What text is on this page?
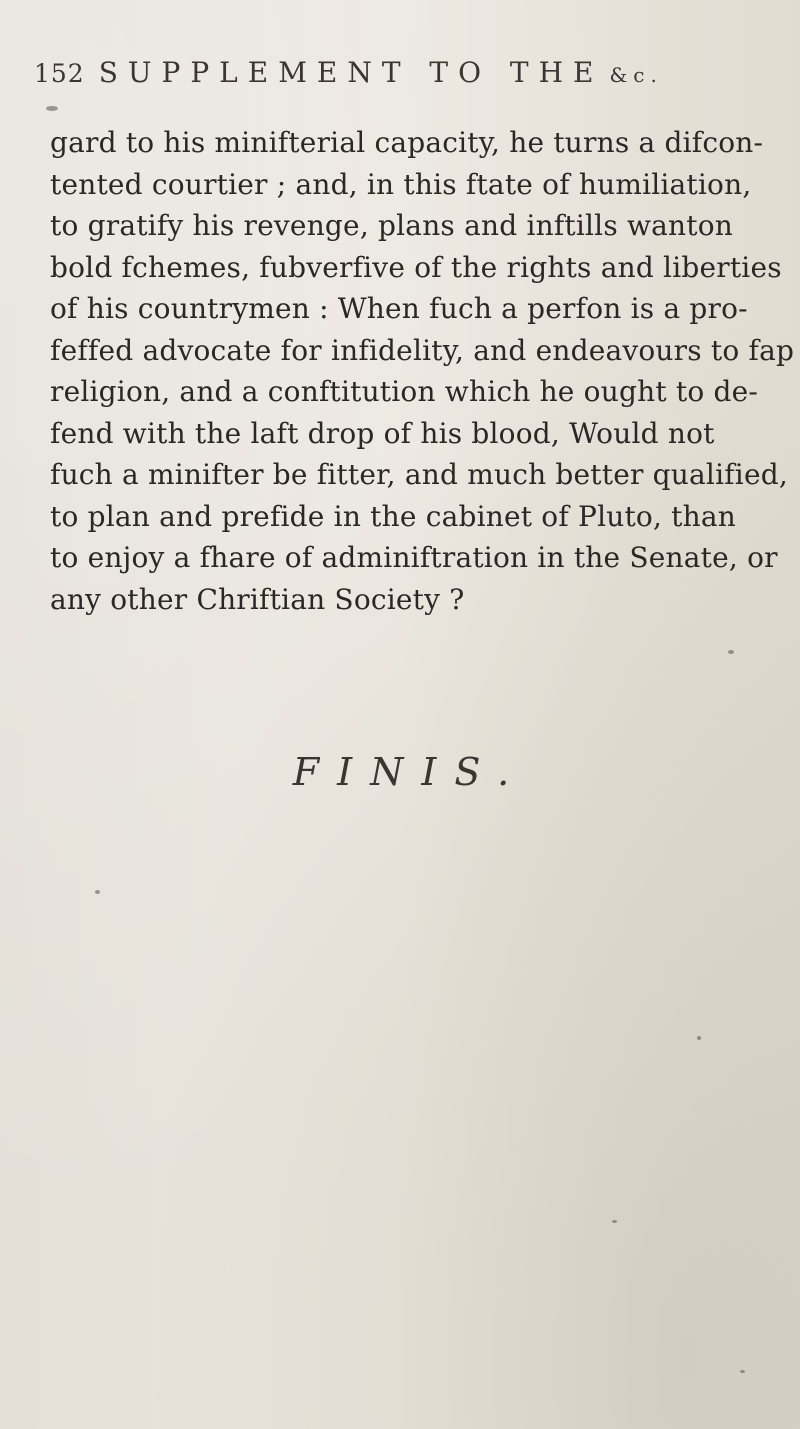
152 SUPPLEMENT TO THE &c.
gard to his minifterial capacity, he turns a difcon-
tented courtier ; and, in this ftate of humiliation,
to gratify his revenge, plans and inftills wanton
bold fchemes, fubverfive of the rights and liberties
of his countrymen : When fuch a perfon is a pro-
feffed advocate for infidelity, and endeavours to fap
religion, and a conftitution which he ought to de-
fend with the laft drop of his blood, Would not
fuch a minifter be fitter, and much better qualified,
to plan and prefide in the cabinet of Pluto, than
to enjoy a fhare of adminiftration in the Senate, or
any other Chriftian Society ?
FINIS.
